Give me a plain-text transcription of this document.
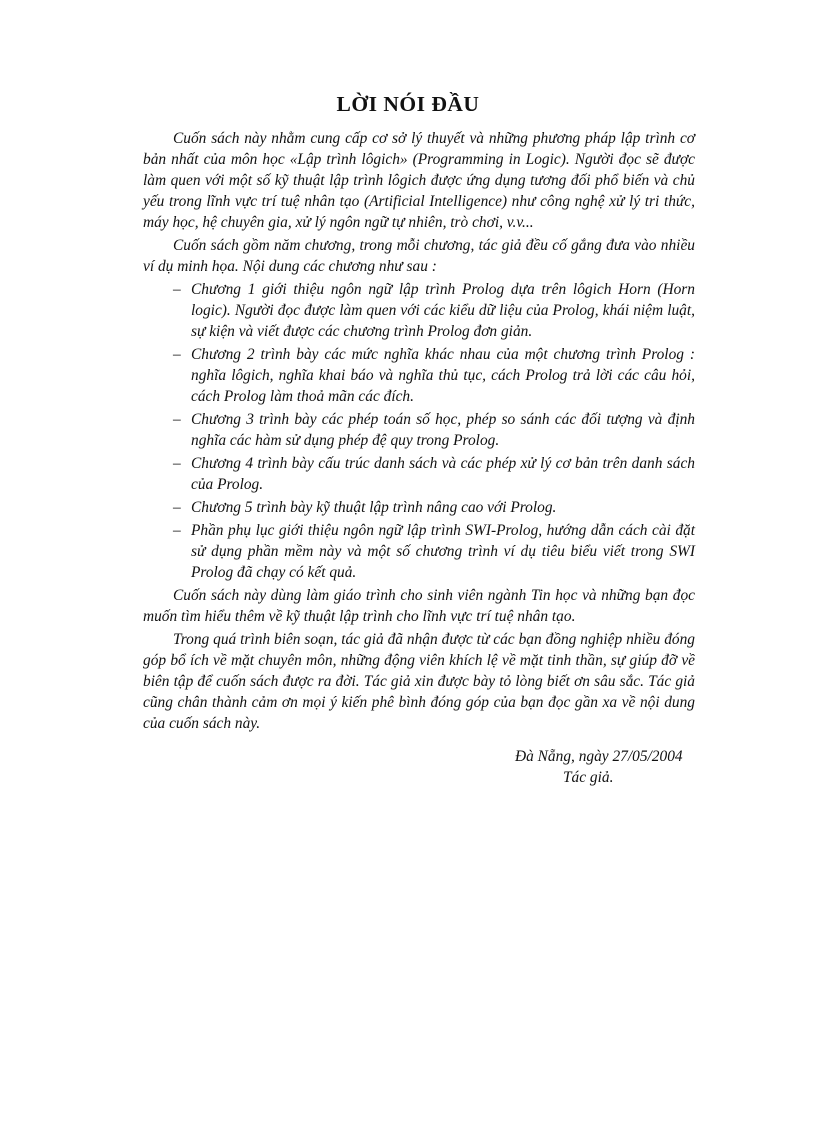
LỜI NÓI ĐẦU

Cuốn sách này nhằm cung cấp cơ sở lý thuyết và những phương pháp lập trình cơ bản nhất của môn học «Lập trình lôgich» (Programming in Logic). Người đọc sẽ được làm quen với một số kỹ thuật lập trình lôgich được ứng dụng tương đối phổ biến và chủ yếu trong lĩnh vực trí tuệ nhân tạo (Artificial Intelligence) như công nghệ xử lý tri thức, máy học, hệ chuyên gia, xử lý ngôn ngữ tự nhiên, trò chơi, v.v...

Cuốn sách gồm năm chương, trong mỗi chương, tác giả đều cố gắng đưa vào nhiều ví dụ minh họa. Nội dung các chương như sau :

– Chương 1 giới thiệu ngôn ngữ lập trình Prolog dựa trên lôgich Horn (Horn logic). Người đọc được làm quen với các kiểu dữ liệu của Prolog, khái niệm luật, sự kiện và viết được các chương trình Prolog đơn giản.
– Chương 2 trình bày các mức nghĩa khác nhau của một chương trình Prolog : nghĩa lôgich, nghĩa khai báo và nghĩa thủ tục, cách Prolog trả lời các câu hỏi, cách Prolog làm thoả mãn các đích.
– Chương 3 trình bày các phép toán số học, phép so sánh các đối tượng và định nghĩa các hàm sử dụng phép đệ quy trong Prolog.
– Chương 4 trình bày cấu trúc danh sách và các phép xử lý cơ bản trên danh sách của Prolog.
– Chương 5 trình bày kỹ thuật lập trình nâng cao với Prolog.
– Phần phụ lục giới thiệu ngôn ngữ lập trình SWI-Prolog, hướng dẫn cách cài đặt sử dụng phần mềm này và một số chương trình ví dụ tiêu biểu viết trong SWI Prolog đã chạy có kết quả.

Cuốn sách này dùng làm giáo trình cho sinh viên ngành Tin học và những bạn đọc muốn tìm hiểu thêm về kỹ thuật lập trình cho lĩnh vực trí tuệ nhân tạo.

Trong quá trình biên soạn, tác giả đã nhận được từ các bạn đồng nghiệp nhiều đóng góp bổ ích về mặt chuyên môn, những động viên khích lệ về mặt tinh thần, sự giúp đỡ về biên tập để cuốn sách được ra đời. Tác giả xin được bày tỏ lòng biết ơn sâu sắc. Tác giả cũng chân thành cảm ơn mọi ý kiến phê bình đóng góp của bạn đọc gần xa về nội dung của cuốn sách này.

Đà Nẵng, ngày 27/05/2004
Tác giả.
